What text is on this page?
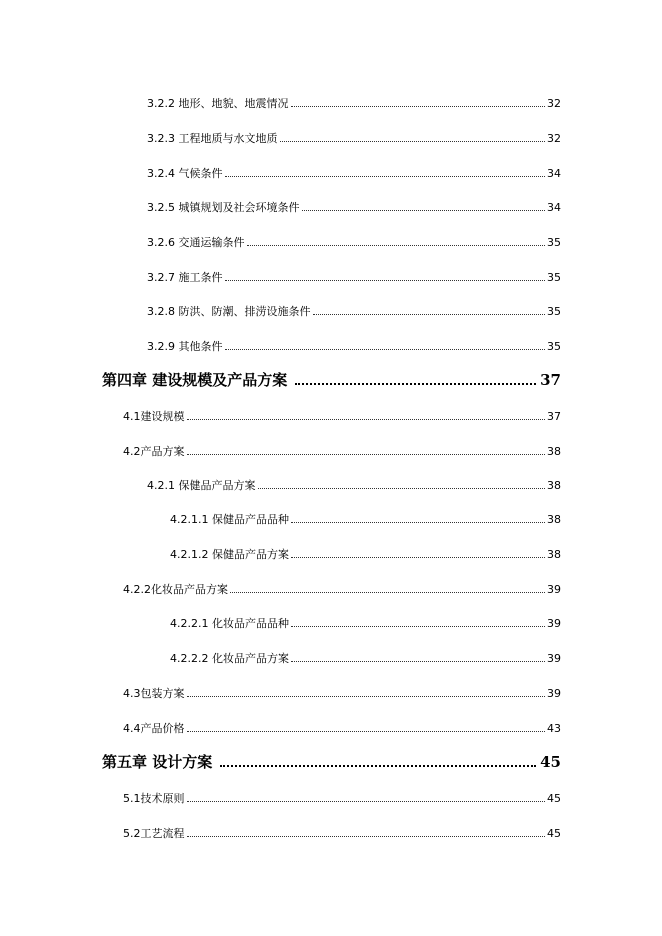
3.2.2 地形、地貌、地震情况	32
3.2.3 工程地质与水文地质	32
3.2.4 气候条件	34
3.2.5 城镇规划及社会环境条件	34
3.2.6 交通运输条件	35
3.2.7 施工条件	35
3.2.8 防洪、防潮、排涝设施条件	35
3.2.9 其他条件	35
第四章 建设规模及产品方案	37
4.1建设规模	37
4.2产品方案	38
4.2.1 保健品产品方案	38
4.2.1.1 保健品产品品种	38
4.2.1.2 保健品产品方案	38
4.2.2化妆品产品方案	39
4.2.2.1 化妆品产品品种	39
4.2.2.2 化妆品产品方案	39
4.3包装方案	39
4.4产品价格	43
第五章 设计方案	45
5.1技术原则	45
5.2工艺流程	45
